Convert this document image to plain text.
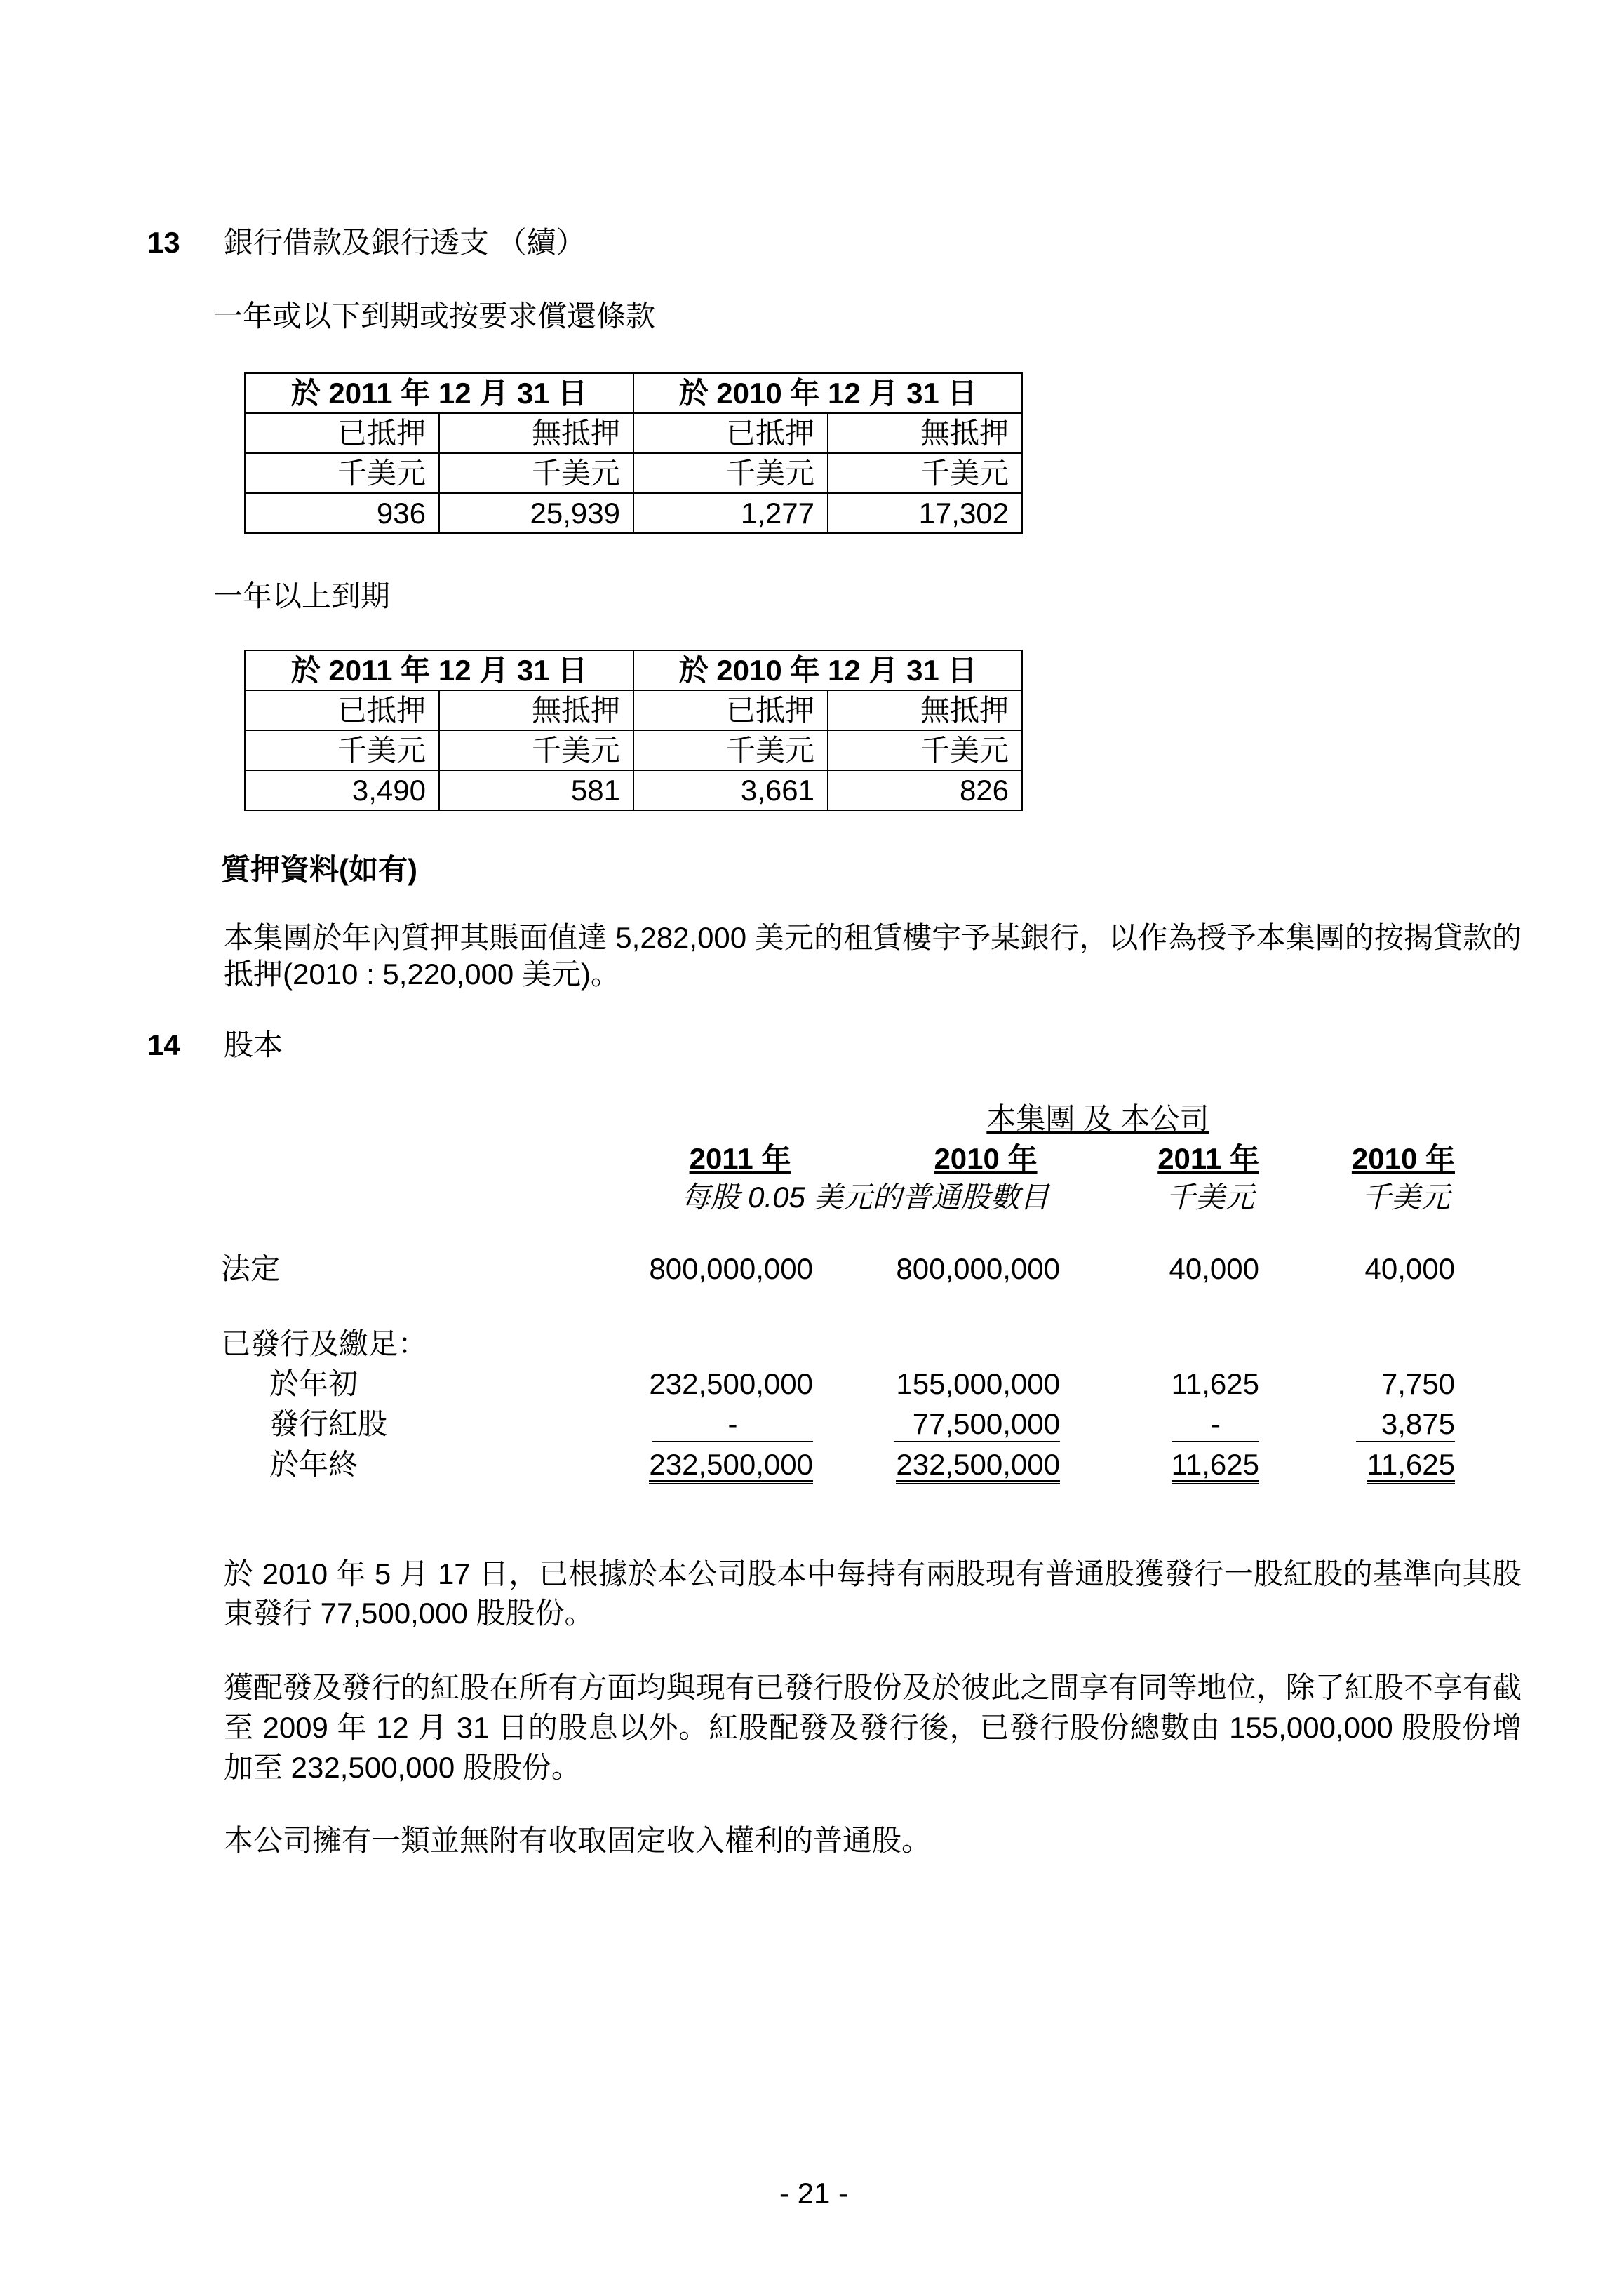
13 銀行借款及銀行透支 （續）
一年或以下到期或按要求償還條款
於 2011 年 12 月 31 日		於 2010 年 12 月 31 日	
已抵押	無抵押	已抵押	無抵押
千美元	千美元	千美元	千美元
936	25,939	1,277	17,302
一年以上到期
於 2011 年 12 月 31 日		於 2010 年 12 月 31 日	
已抵押	無抵押	已抵押	無抵押
千美元	千美元	千美元	千美元
3,490	581	3,661	826
質押資料(如有)
本集團於年內質押其賬面值達 5,282,000 美元的租賃樓宇予某銀行，以作為授予本集團的按揭貸款的抵押(2010 : 5,220,000 美元)。
14 股本
本集團 及 本公司
2011 年	2010 年	2011 年	2010 年
每股 0.05 美元的普通股數目	千美元	千美元
法定	800,000,000	800,000,000	40,000	40,000
已發行及繳足：
於年初	232,500,000	155,000,000	11,625	7,750
發行紅股	-	77,500,000	-	3,875
於年終	232,500,000	232,500,000	11,625	11,625
於 2010 年 5 月 17 日，已根據於本公司股本中每持有兩股現有普通股獲發行一股紅股的基準向其股東發行 77,500,000 股股份。
獲配發及發行的紅股在所有方面均與現有已發行股份及於彼此之間享有同等地位，除了紅股不享有截至 2009 年 12 月 31 日的股息以外。紅股配發及發行後，已發行股份總數由 155,000,000 股股份增加至 232,500,000 股股份。
本公司擁有一類並無附有收取固定收入權利的普通股。
- 21 -
